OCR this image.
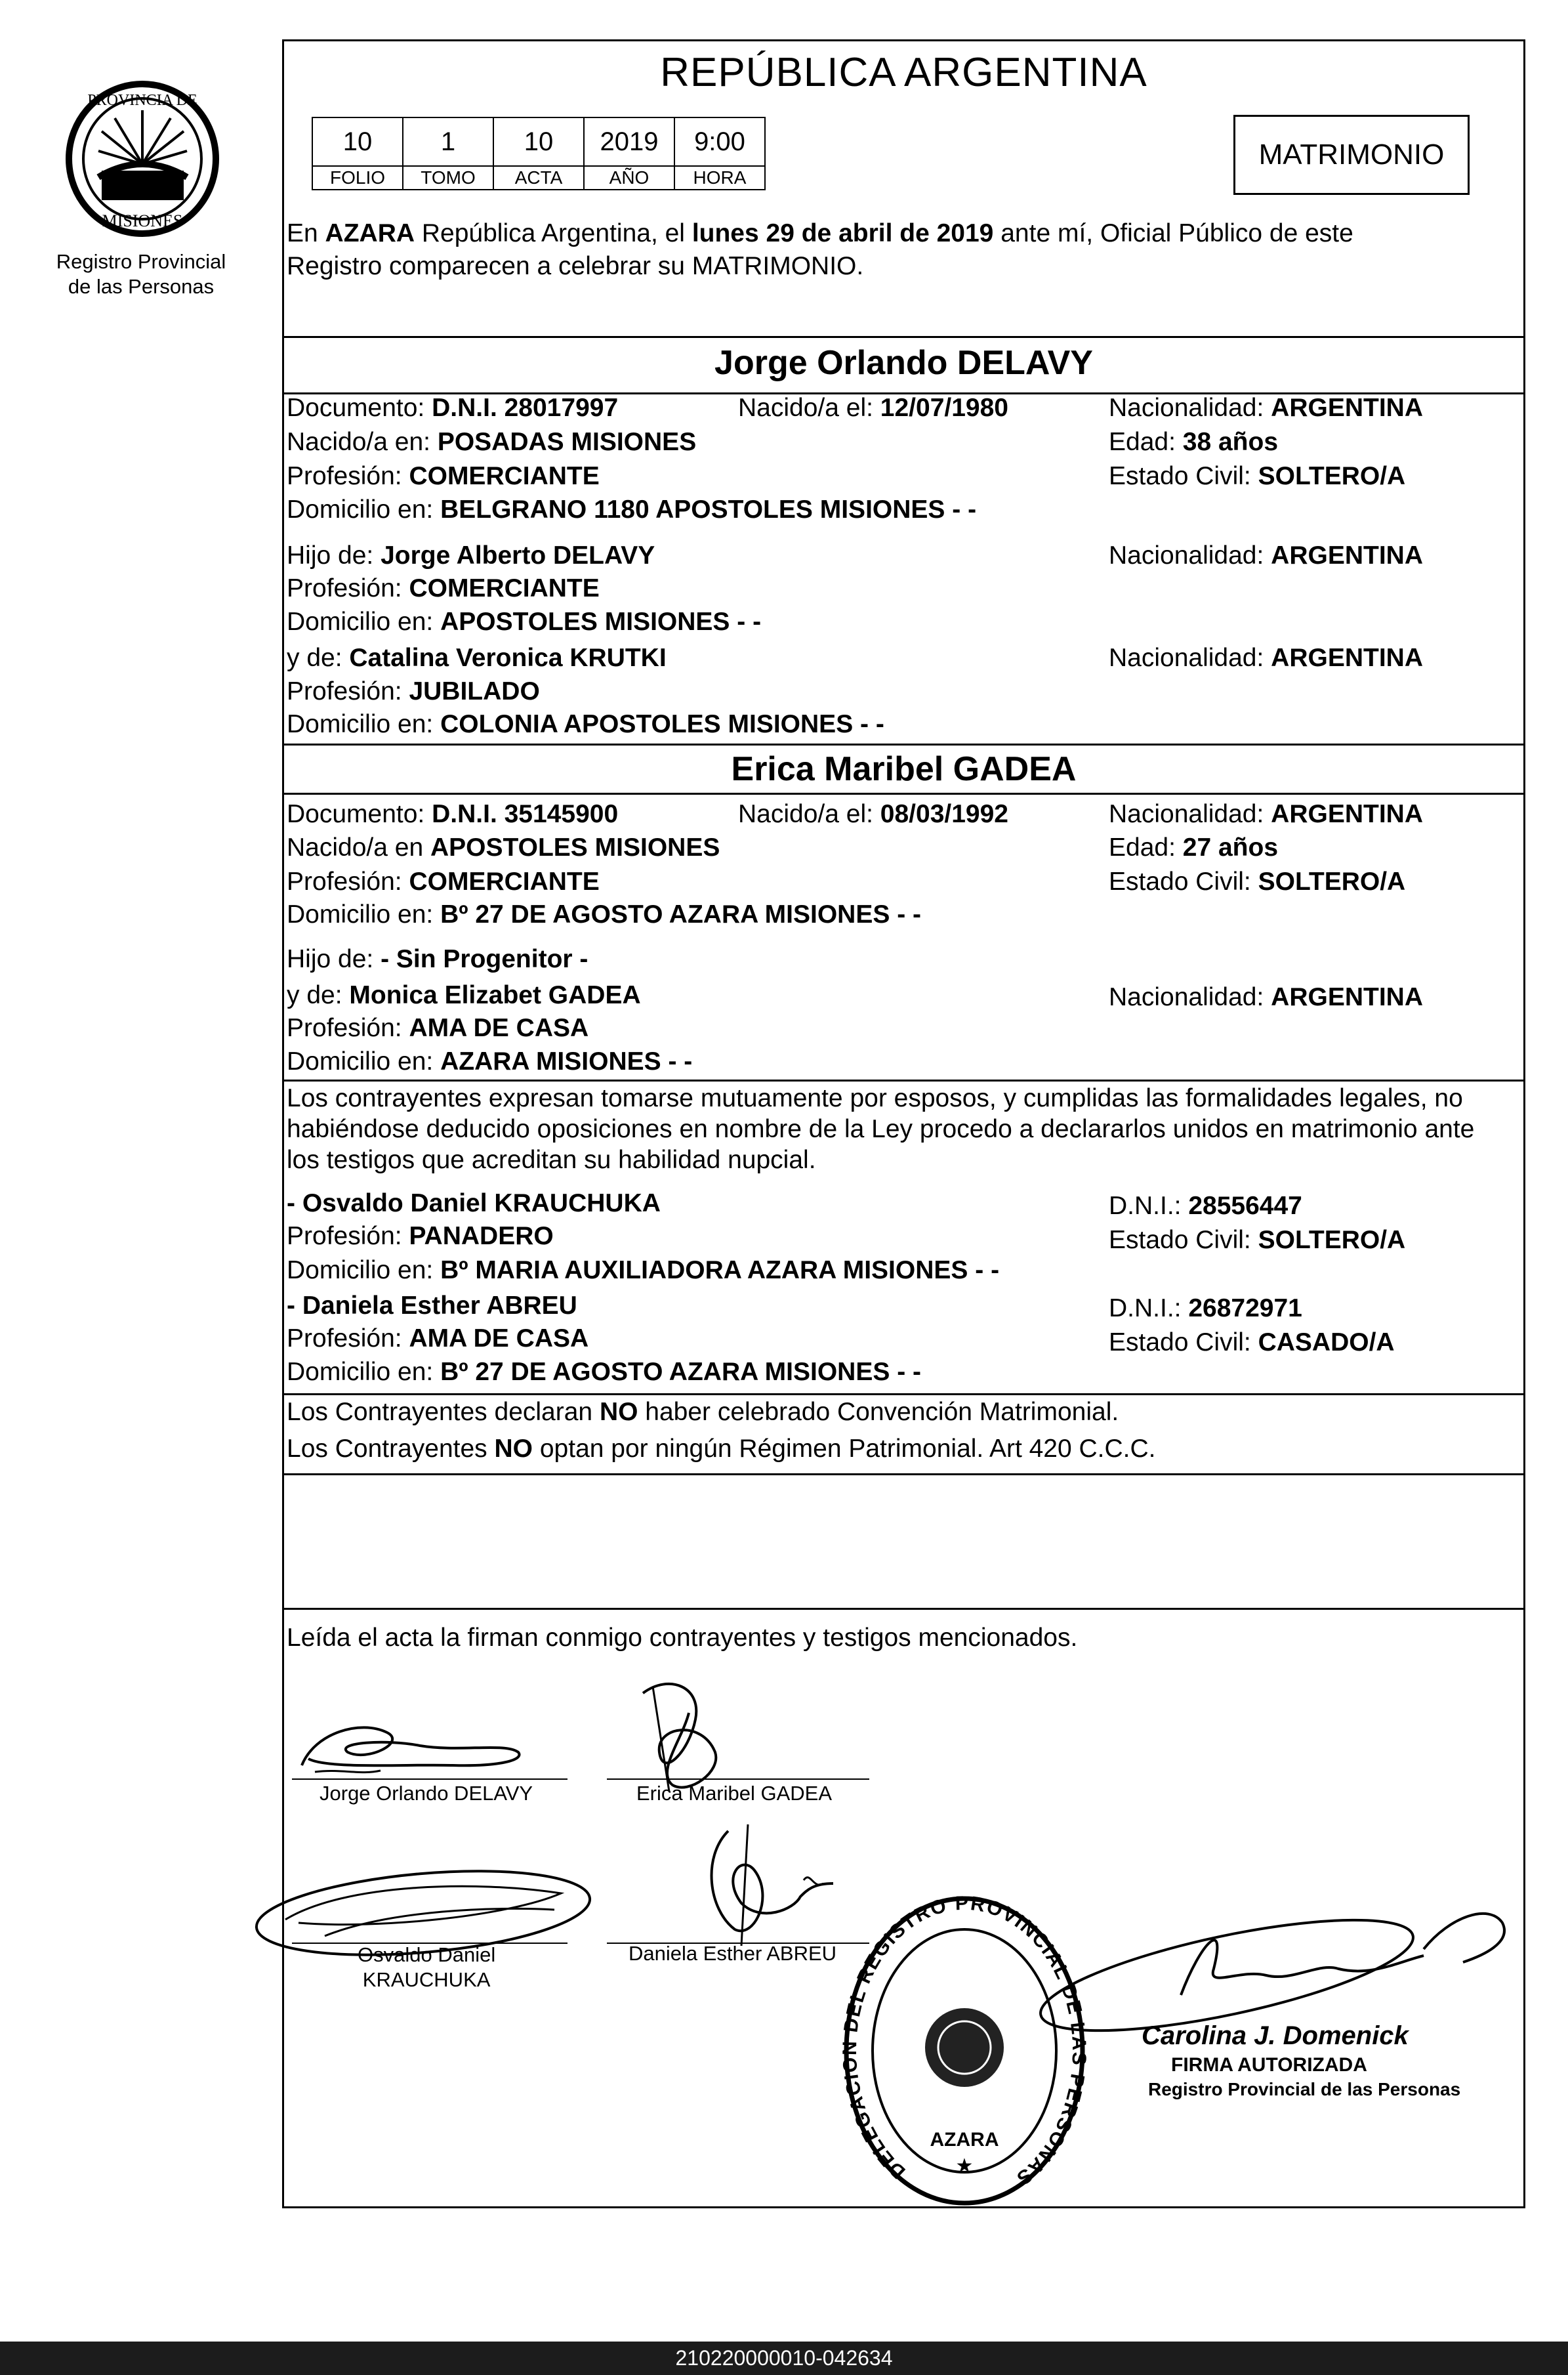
PROVINCIA DE
MISIONES
Registro Provincial
de las Personas
REPÚBLICA ARGENTINA
10	1	10	2019	9:00
FOLIO	TOMO	ACTA	AÑO	HORA
MATRIMONIO
En AZARA República Argentina, el lunes 29 de abril de 2019 ante mí, Oficial Público de este
Registro comparecen a celebrar su MATRIMONIO.
Jorge Orlando DELAVY
Documento: D.N.I. 28017997	Nacido/a el: 12/07/1980	Nacionalidad: ARGENTINA
Nacido/a en: POSADAS MISIONES	Edad: 38 años
Profesión: COMERCIANTE	Estado Civil: SOLTERO/A
Domicilio en: BELGRANO 1180 APOSTOLES MISIONES - -
Hijo de: Jorge Alberto DELAVY	Nacionalidad: ARGENTINA
Profesión: COMERCIANTE
Domicilio en: APOSTOLES MISIONES - -
y de: Catalina Veronica KRUTKI	Nacionalidad: ARGENTINA
Profesión: JUBILADO
Domicilio en: COLONIA APOSTOLES MISIONES - -
Erica Maribel GADEA
Documento: D.N.I. 35145900	Nacido/a el: 08/03/1992	Nacionalidad: ARGENTINA
Nacido/a en APOSTOLES MISIONES	Edad: 27 años
Profesión: COMERCIANTE	Estado Civil: SOLTERO/A
Domicilio en: Bº 27 DE AGOSTO AZARA MISIONES - -
Hijo de: - Sin Progenitor -
y de: Monica Elizabet GADEA	Nacionalidad: ARGENTINA
Profesión: AMA DE CASA
Domicilio en: AZARA MISIONES - -
Los contrayentes expresan tomarse mutuamente por esposos, y cumplidas las formalidades legales, no
habiéndose deducido oposiciones en nombre de la Ley procedo a declararlos unidos en matrimonio ante
los testigos que acreditan su habilidad nupcial.
- Osvaldo Daniel KRAUCHUKA	D.N.I.: 28556447
Profesión: PANADERO	Estado Civil: SOLTERO/A
Domicilio en: Bº MARIA AUXILIADORA AZARA MISIONES - -
- Daniela Esther ABREU	D.N.I.: 26872971
Profesión: AMA DE CASA	Estado Civil: CASADO/A
Domicilio en: Bº 27 DE AGOSTO AZARA MISIONES - -
Los Contrayentes declaran NO haber celebrado Convención Matrimonial.
Los Contrayentes NO optan por ningún Régimen Patrimonial. Art 420 C.C.C.
Leída el acta la firman conmigo contrayentes y testigos mencionados.
Jorge Orlando DELAVY	Erica Maribel GADEA
Osvaldo Daniel
KRAUCHUKA
Daniela Esther ABREU
DELEGACION DEL REGISTRO PROVINCIAL DE LAS PERSONAS
AZARA
★
Carolina J. Domenick
FIRMA AUTORIZADA
Registro Provincial de las Personas
210220000010-042634
